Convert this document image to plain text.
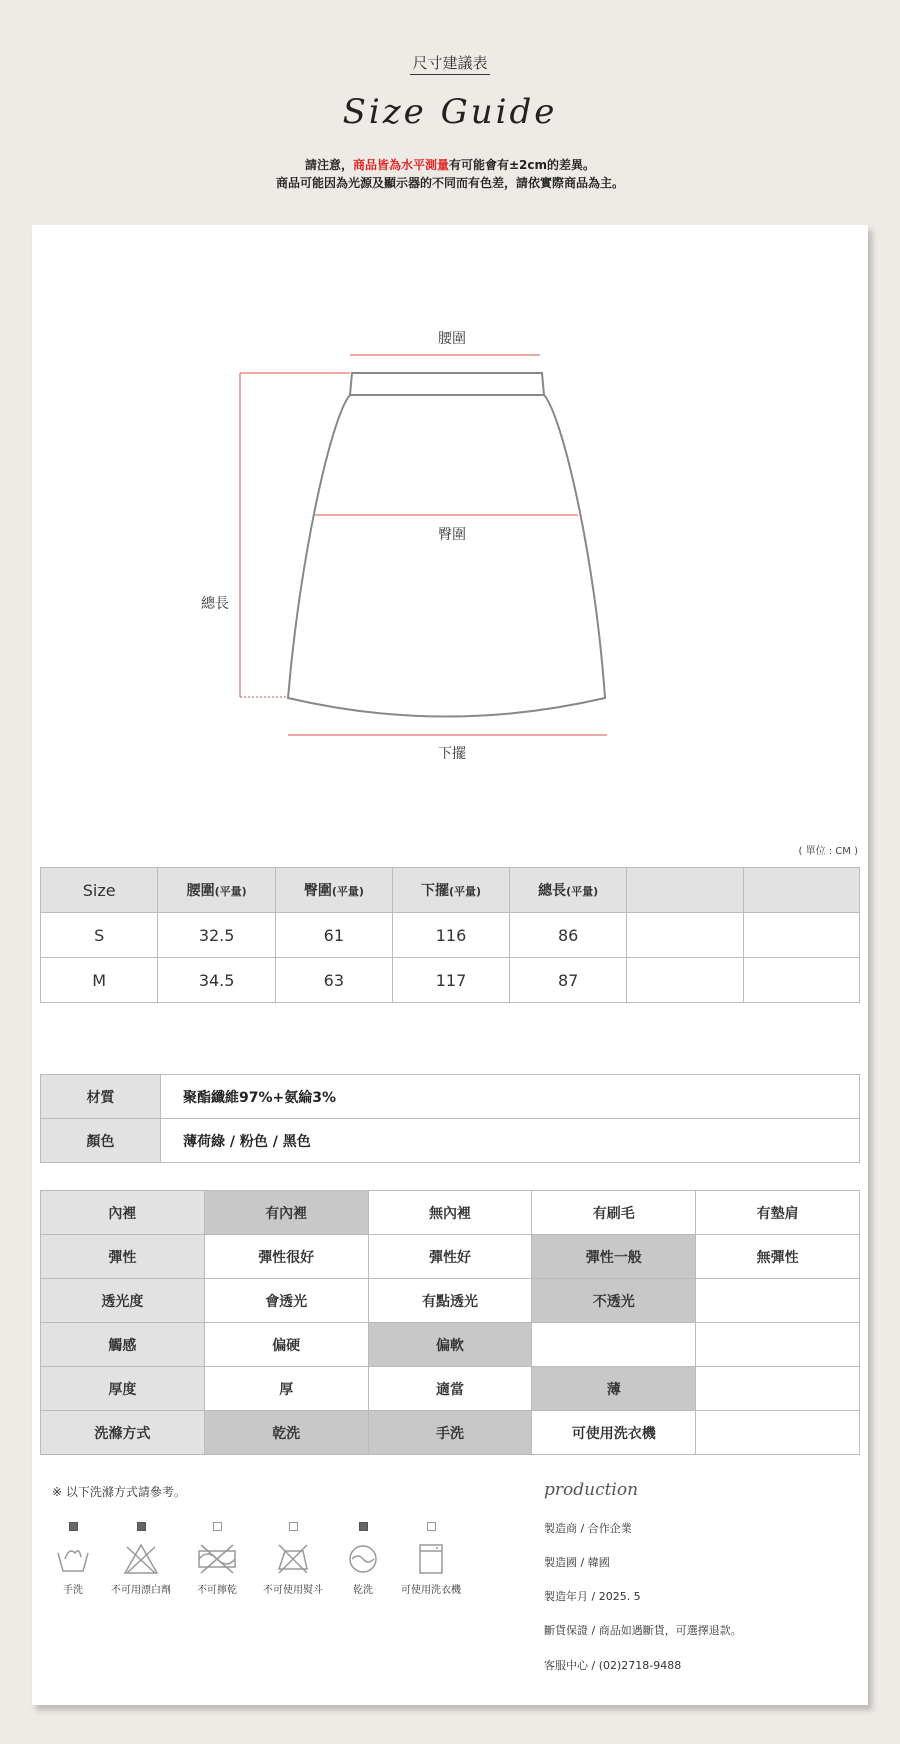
尺寸建議表
Size Guide
請注意，商品皆為水平測量有可能會有±2cm的差異。
商品可能因為光源及顯示器的不同而有色差，請依實際商品為主。
腰圍
臀圍
總長
下擺
( 單位 : CM )
Size	腰圍(平量)	臀圍(平量)	下擺(平量)	總長(平量)		
S	32.5	61	116	86		
M	34.5	63	117	87		
材質	聚酯纖維97%+氨綸3%
顏色	薄荷綠 / 粉色 / 黑色
內裡	有內裡	無內裡	有刷毛	有墊肩
彈性	彈性很好	彈性好	彈性一般	無彈性
透光度	會透光	有點透光	不透光	
觸感	偏硬	偏軟		
厚度	厚	適當	薄	
洗滌方式	乾洗	手洗	可使用洗衣機	
※ 以下洗滌方式請參考。
手洗	不可用漂白劑	不可擰乾	不可使用熨斗	乾洗	可使用洗衣機
production
製造商 / 合作企業
製造國 / 韓國
製造年月 / 2025. 5
斷貨保證 / 商品如遇斷貨，可選擇退款。
客服中心 / (02)2718-9488
